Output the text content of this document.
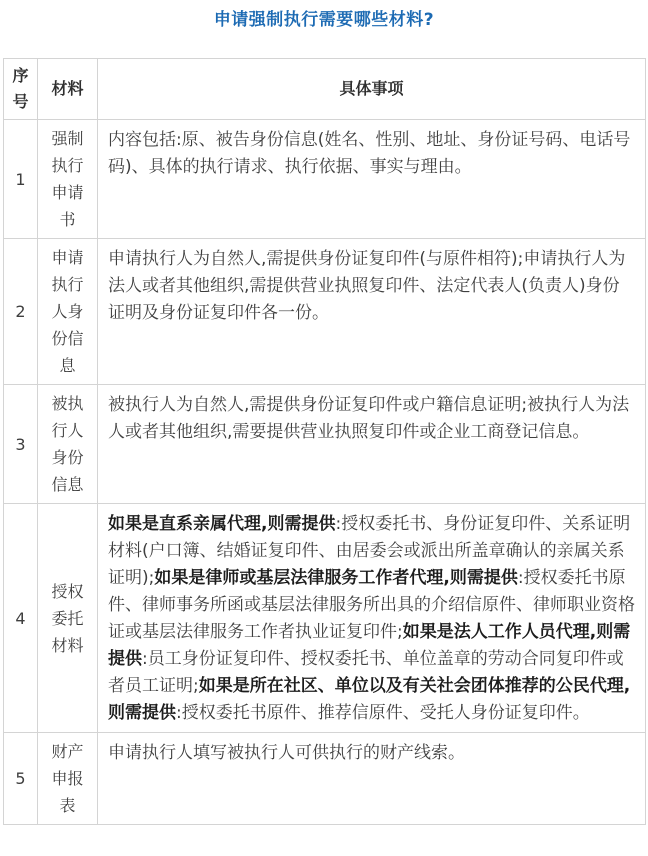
申请强制执行需要哪些材料?
序号	材料	具体事项
1	强制执行申请书	内容包括:原、被告身份信息(姓名、性别、地址、身份证号码、电话号码)、具体的执行请求、执行依据、事实与理由。
2	申请执行人身份信息	申请执行人为自然人,需提供身份证复印件(与原件相符);申请执行人为法人或者其他组织,需提供营业执照复印件、法定代表人(负责人)身份证明及身份证复印件各一份。
3	被执行人身份信息	被执行人为自然人,需提供身份证复印件或户籍信息证明;被执行人为法人或者其他组织,需要提供营业执照复印件或企业工商登记信息。
4	授权委托材料	如果是直系亲属代理,则需提供:授权委托书、身份证复印件、关系证明材料(户口簿、结婚证复印件、由居委会或派出所盖章确认的亲属关系证明);如果是律师或基层法律服务工作者代理,则需提供:授权委托书原件、律师事务所函或基层法律服务所出具的介绍信原件、律师职业资格证或基层法律服务工作者执业证复印件;如果是法人工作人员代理,则需提供:员工身份证复印件、授权委托书、单位盖章的劳动合同复印件或者员工证明;如果是所在社区、单位以及有关社会团体推荐的公民代理,则需提供:授权委托书原件、推荐信原件、受托人身份证复印件。
5	财产申报表	申请执行人填写被执行人可供执行的财产线索。
